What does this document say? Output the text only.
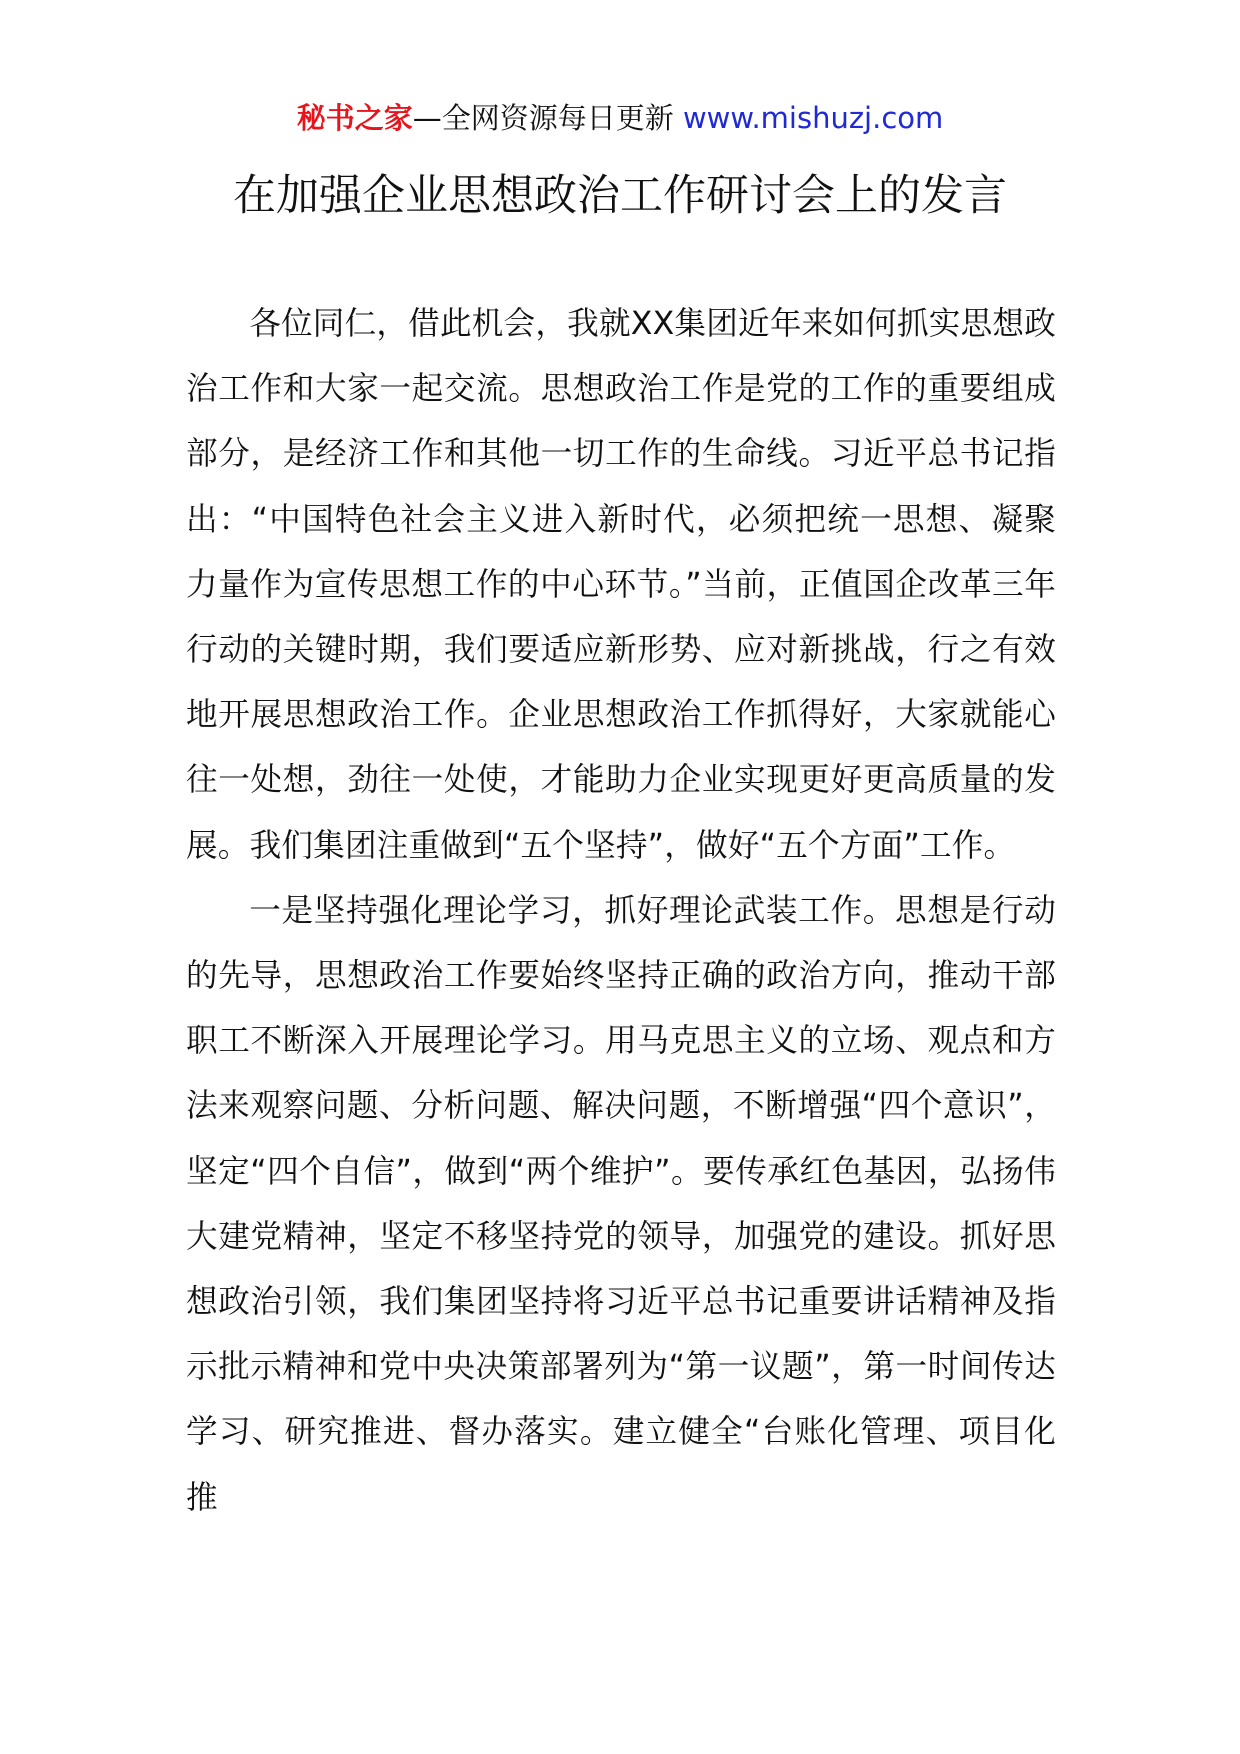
秘书之家—全网资源每日更新 www.mishuzj.com
在加强企业思想政治工作研讨会上的发言

各位同仁，借此机会，我就XX集团近年来如何抓实思想政治工作和大家一起交流。思想政治工作是党的工作的重要组成部分，是经济工作和其他一切工作的生命线。习近平总书记指出：“中国特色社会主义进入新时代，必须把统一思想、凝聚力量作为宣传思想工作的中心环节。”当前，正值国企改革三年行动的关键时期，我们要适应新形势、应对新挑战，行之有效地开展思想政治工作。企业思想政治工作抓得好，大家就能心往一处想，劲往一处使，才能助力企业实现更好更高质量的发展。我们集团注重做到“五个坚持”，做好“五个方面”工作。

一是坚持强化理论学习，抓好理论武装工作。思想是行动的先导，思想政治工作要始终坚持正确的政治方向，推动干部职工不断深入开展理论学习。用马克思主义的立场、观点和方法来观察问题、分析问题、解决问题，不断增强“四个意识”，坚定“四个自信”，做到“两个维护”。要传承红色基因，弘扬伟大建党精神，坚定不移坚持党的领导，加强党的建设。抓好思想政治引领，我们集团坚持将习近平总书记重要讲话精神及指示批示精神和党中央决策部署列为“第一议题”，第一时间传达学习、研究推进、督办落实。建立健全“台账化管理、项目化推
